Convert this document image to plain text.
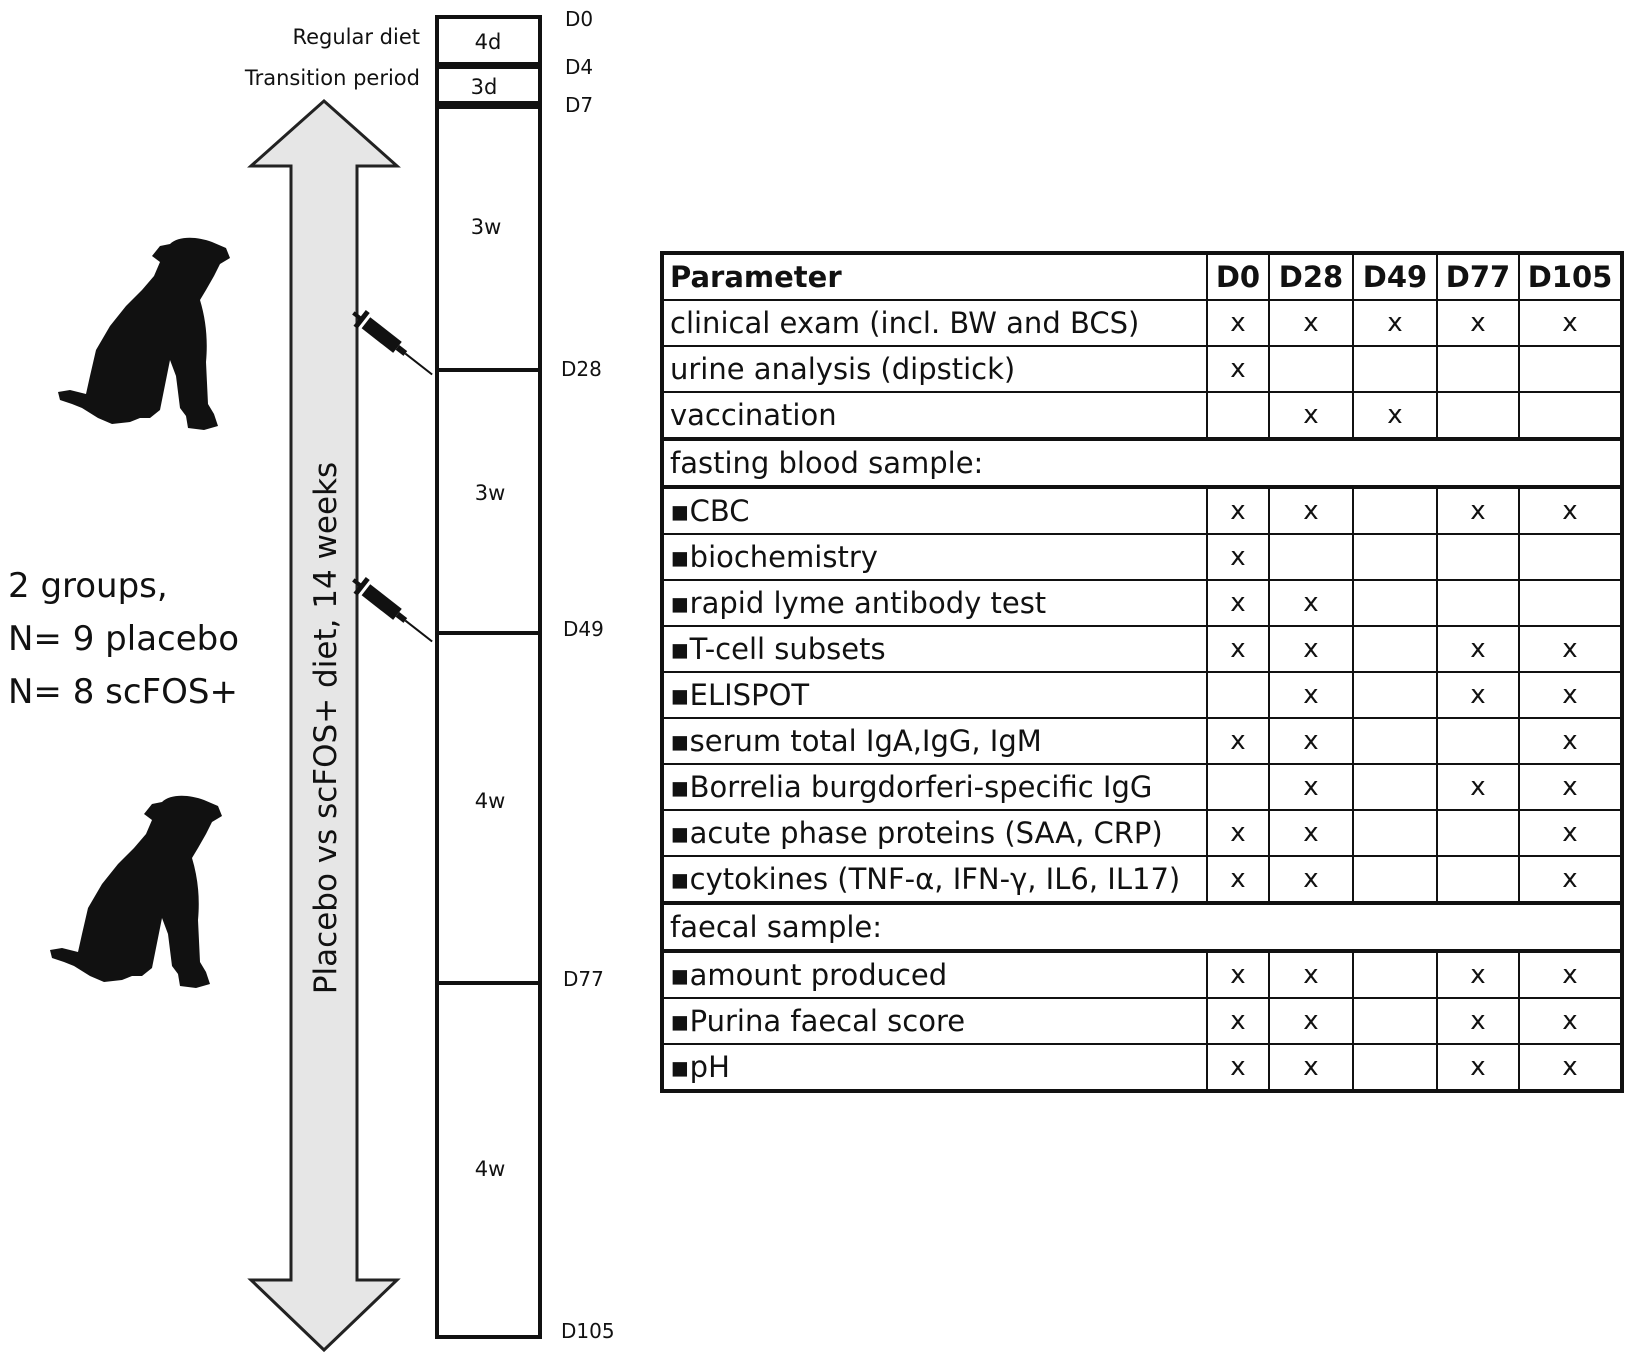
Placebo vs scFOS+ diet, 14 weeks
Regular diet
Transition period
4d
3d
3w
3w
4w
4w
D0
D4
D7
D28
D49
D77
D105
2 groups,
N= 9 placebo
N= 8 scFOS+
Parameter	D0	D28	D49	D77	D105
clinical exam (incl. BW and BCS)	x	x	x	x	x
urine analysis (dipstick)	x				
vaccination		x	x		
fasting blood sample:					
▪CBC	x	x		x	x
▪biochemistry	x				
▪rapid lyme antibody test	x	x			
▪T-cell subsets	x	x		x	x
▪ELISPOT		x		x	x
▪serum total IgA,IgG, IgM	x	x			x
▪Borrelia burgdorferi-specific IgG		x		x	x
▪acute phase proteins (SAA, CRP)	x	x			x
▪cytokines (TNF-α, IFN-γ, IL6, IL17)	x	x			x
faecal sample:					
▪amount produced	x	x		x	x
▪Purina faecal score	x	x		x	x
▪pH	x	x		x	x
